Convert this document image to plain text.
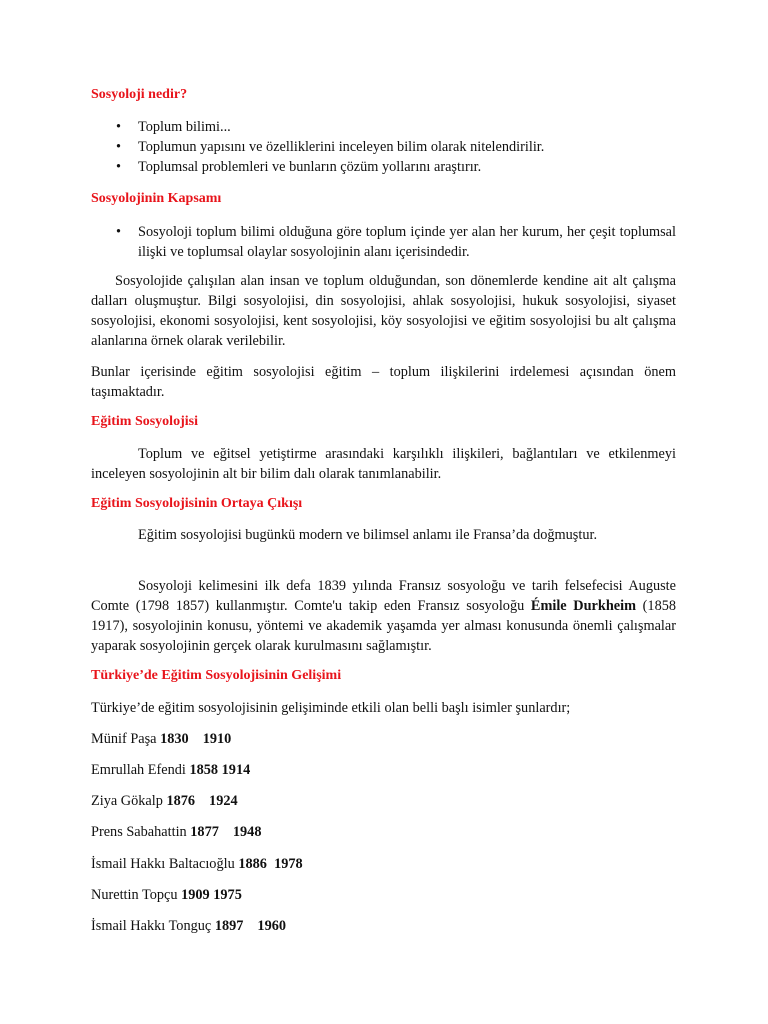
Sosyoloji nedir?

• Toplum bilimi...
• Toplumun yapısını ve özelliklerini inceleyen bilim olarak nitelendirilir.
• Toplumsal problemleri ve bunların çözüm yollarını araştırır.

Sosyolojinin Kapsamı

• Sosyoloji toplum bilimi olduğuna göre toplum içinde yer alan her kurum, her çeşit toplumsal ilişki ve toplumsal olaylar sosyolojinin alanı içerisindedir.

Sosyolojide çalışılan alan insan ve toplum olduğundan, son dönemlerde kendine ait alt çalışma dalları oluşmuştur. Bilgi sosyolojisi, din sosyolojisi, ahlak sosyolojisi, hukuk sosyolojisi, siyaset sosyolojisi, ekonomi sosyolojisi, kent sosyolojisi, köy sosyolojisi ve eğitim sosyolojisi bu alt çalışma alanlarına örnek olarak verilebilir.

Bunlar içerisinde eğitim sosyolojisi eğitim – toplum ilişkilerini irdelemesi açısından önem taşımaktadır.

Eğitim Sosyolojisi

Toplum ve eğitsel yetiştirme arasındaki karşılıklı ilişkileri, bağlantıları ve etkilenmeyi inceleyen sosyolojinin alt bir bilim dalı olarak tanımlanabilir.

Eğitim Sosyolojisinin Ortaya Çıkışı

Eğitim sosyolojisi bugünkü modern ve bilimsel anlamı ile Fransa’da doğmuştur.

Sosyoloji kelimesini ilk defa 1839 yılında Fransız sosyoloğu ve tarih felsefecisi Auguste Comte (1798 1857) kullanmıştır. Comte'u takip eden Fransız sosyoloğu Émile Durkheim (1858 1917), sosyolojinin konusu, yöntemi ve akademik yaşamda yer alması konusunda önemli çalışmalar yaparak sosyolojinin gerçek olarak kurulmasını sağlamıştır.

Türkiye’de Eğitim Sosyolojisinin Gelişimi

Türkiye’de eğitim sosyolojisinin gelişiminde etkili olan belli başlı isimler şunlardır;

Münif Paşa 1830 1910

Emrullah Efendi 1858 1914

Ziya Gökalp 1876 1924

Prens Sabahattin 1877 1948

İsmail Hakkı Baltacıoğlu 1886 1978

Nurettin Topçu 1909 1975

İsmail Hakkı Tonguç 1897 1960
